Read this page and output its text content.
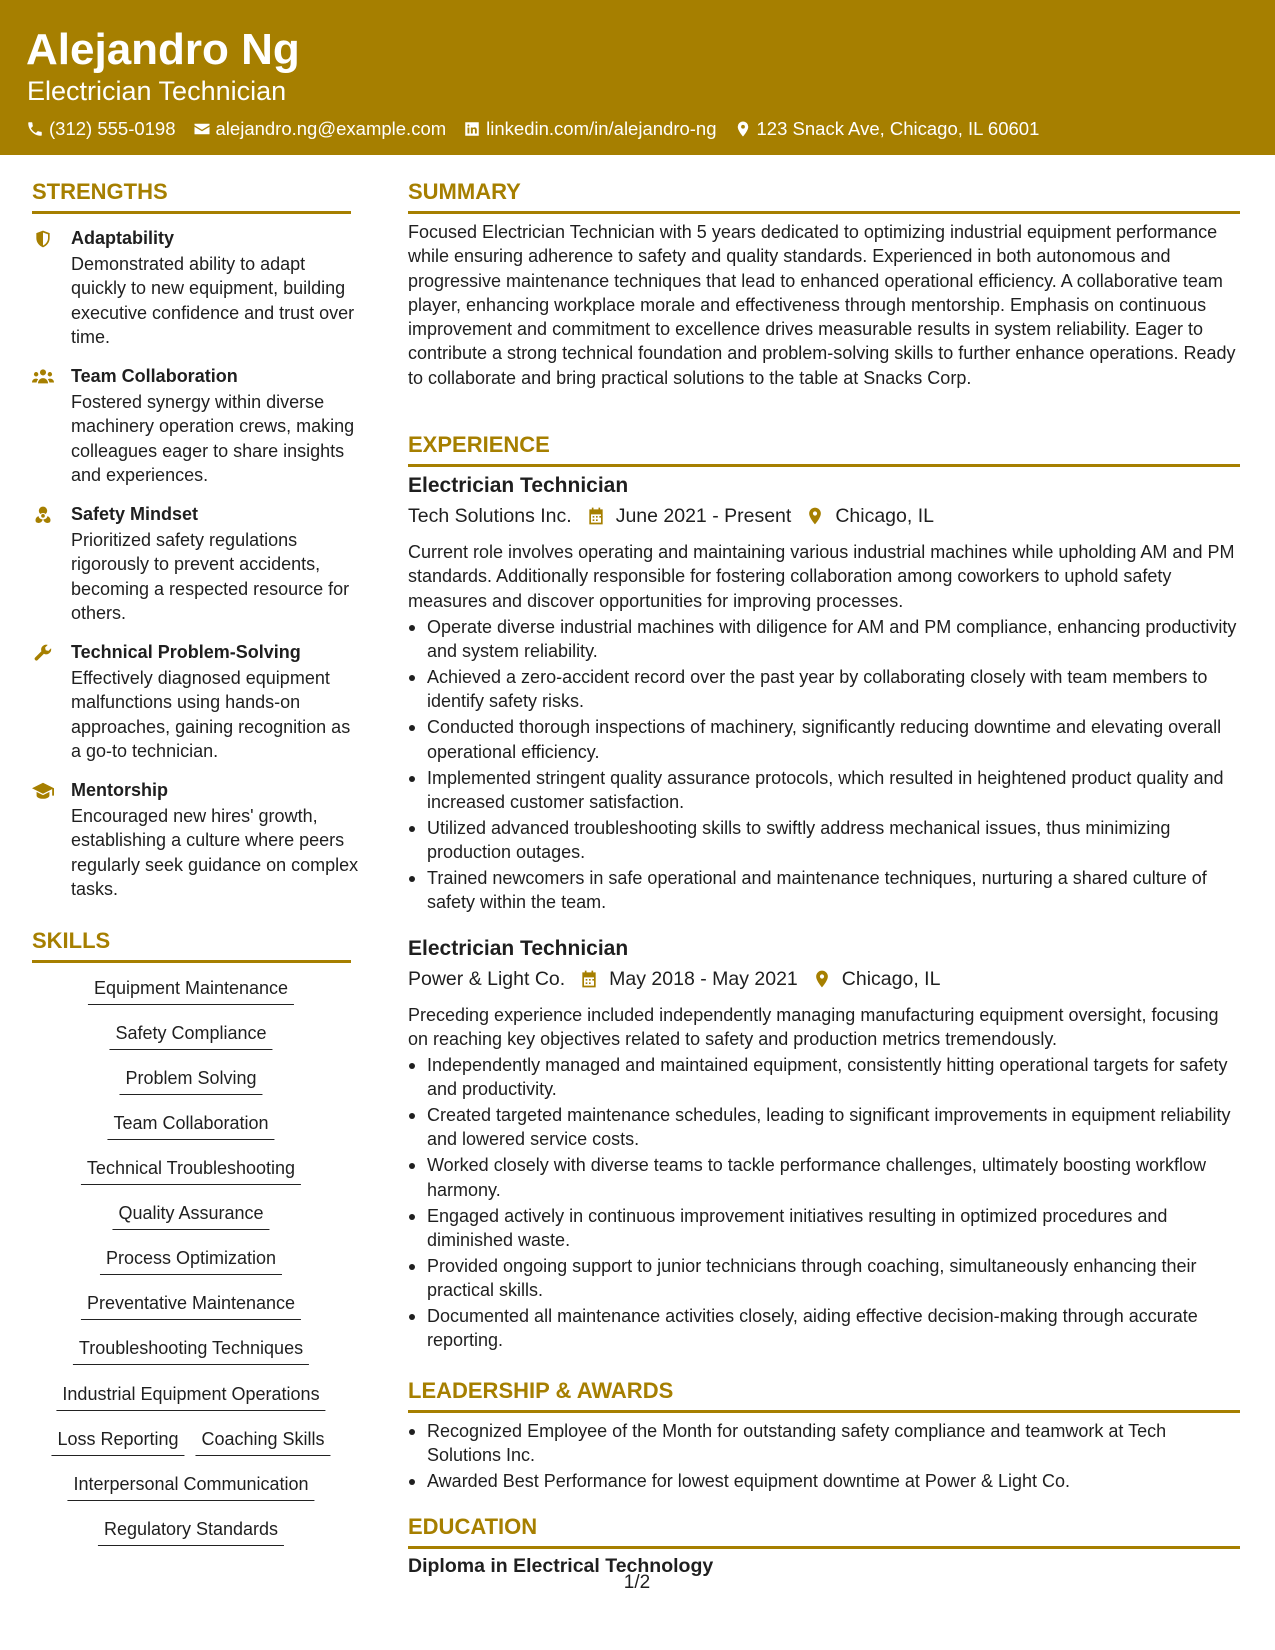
Alejandro Ng
Electrician Technician
(312) 555-0198 alejandro.ng@example.com linkedin.com/in/alejandro-ng 123 Snack Ave, Chicago, IL 60601
STRENGTHS
Adaptability
Demonstrated ability to adapt quickly to new equipment, building executive confidence and trust over time.
Team Collaboration
Fostered synergy within diverse machinery operation crews, making colleagues eager to share insights and experiences.
Safety Mindset
Prioritized safety regulations rigorously to prevent accidents, becoming a respected resource for others.
Technical Problem-Solving
Effectively diagnosed equipment malfunctions using hands-on approaches, gaining recognition as a go-to technician.
Mentorship
Encouraged new hires' growth, establishing a culture where peers regularly seek guidance on complex tasks.
SKILLS
Equipment Maintenance
Safety Compliance
Problem Solving
Team Collaboration
Technical Troubleshooting
Quality Assurance
Process Optimization
Preventative Maintenance
Troubleshooting Techniques
Industrial Equipment Operations
Loss Reporting	Coaching Skills
Interpersonal Communication
Regulatory Standards
SUMMARY
Focused Electrician Technician with 5 years dedicated to optimizing industrial equipment performance while ensuring adherence to safety and quality standards. Experienced in both autonomous and progressive maintenance techniques that lead to enhanced operational efficiency. A collaborative team player, enhancing workplace morale and effectiveness through mentorship. Emphasis on continuous improvement and commitment to excellence drives measurable results in system reliability. Eager to contribute a strong technical foundation and problem-solving skills to further enhance operations. Ready to collaborate and bring practical solutions to the table at Snacks Corp.
EXPERIENCE
Electrician Technician
Tech Solutions Inc. June 2021 - Present Chicago, IL
Current role involves operating and maintaining various industrial machines while upholding AM and PM standards. Additionally responsible for fostering collaboration among coworkers to uphold safety measures and discover opportunities for improving processes.
Operate diverse industrial machines with diligence for AM and PM compliance, enhancing productivity and system reliability.
Achieved a zero-accident record over the past year by collaborating closely with team members to identify safety risks.
Conducted thorough inspections of machinery, significantly reducing downtime and elevating overall operational efficiency.
Implemented stringent quality assurance protocols, which resulted in heightened product quality and increased customer satisfaction.
Utilized advanced troubleshooting skills to swiftly address mechanical issues, thus minimizing production outages.
Trained newcomers in safe operational and maintenance techniques, nurturing a shared culture of safety within the team.
Electrician Technician
Power & Light Co. May 2018 - May 2021 Chicago, IL
Preceding experience included independently managing manufacturing equipment oversight, focusing on reaching key objectives related to safety and production metrics tremendously.
Independently managed and maintained equipment, consistently hitting operational targets for safety and productivity.
Created targeted maintenance schedules, leading to significant improvements in equipment reliability and lowered service costs.
Worked closely with diverse teams to tackle performance challenges, ultimately boosting workflow harmony.
Engaged actively in continuous improvement initiatives resulting in optimized procedures and diminished waste.
Provided ongoing support to junior technicians through coaching, simultaneously enhancing their practical skills.
Documented all maintenance activities closely, aiding effective decision-making through accurate reporting.
LEADERSHIP & AWARDS
Recognized Employee of the Month for outstanding safety compliance and teamwork at Tech Solutions Inc.
Awarded Best Performance for lowest equipment downtime at Power & Light Co.
EDUCATION
Diploma in Electrical Technology
1/2
